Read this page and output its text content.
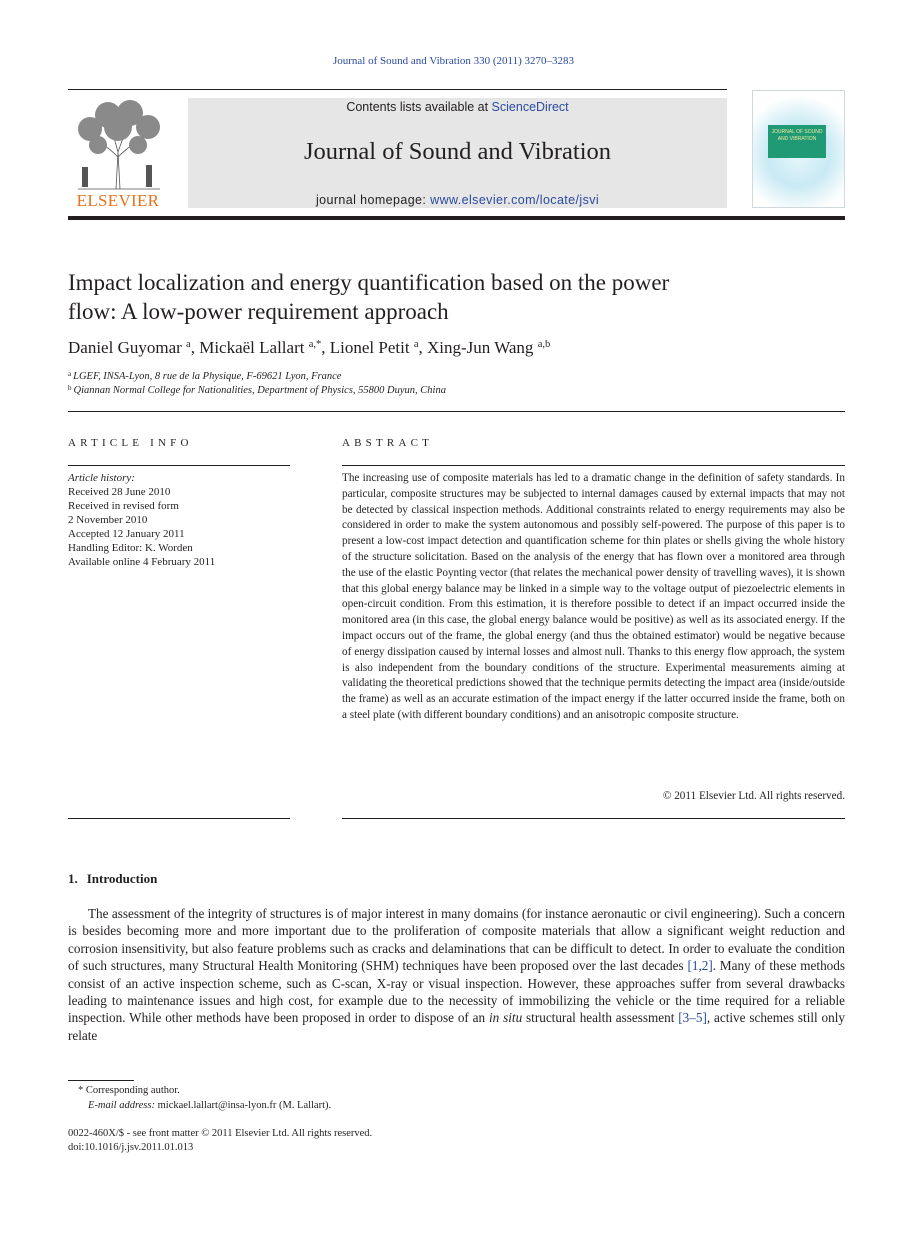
Journal of Sound and Vibration 330 (2011) 3270–3283
ELSEVIER
Contents lists available at ScienceDirect
Journal of Sound and Vibration
journal homepage: www.elsevier.com/locate/jsvi
JOURNAL OF SOUND AND VIBRATION
Impact localization and energy quantification based on the power
flow: A low-power requirement approach
Daniel Guyomar $^a$, Mickaël Lallart $^{a,*}$, Lionel Petit $^a$, Xing-Jun Wang $^{a,b}$
$^a$ LGEF, INSA-Lyon, 8 rue de la Physique, F-69621 Lyon, France
$^b$ Qiannan Normal College for Nationalities, Department of Physics, 55800 Duyun, China
ARTICLE INFO
Article history:
Received 28 June 2010
Received in revised form
2 November 2010
Accepted 12 January 2011
Handling Editor: K. Worden
Available online 4 February 2011
ABSTRACT
The increasing use of composite materials has led to a dramatic change in the definition of safety standards. In particular, composite structures may be subjected to internal damages caused by external impacts that may not be detected by classical inspection methods. Additional constraints related to energy requirements may also be considered in order to make the system autonomous and possibly self-powered. The purpose of this paper is to present a low-cost impact detection and quantification scheme for thin plates or shells giving the whole history of the structure solicitation. Based on the analysis of the energy that has flown over a monitored area through the use of the elastic Poynting vector (that relates the mechanical power density of travelling waves), it is shown that this global energy balance may be linked in a simple way to the voltage output of piezoelectric elements in open-circuit condition. From this estimation, it is therefore possible to detect if an impact occurred inside the monitored area (in this case, the global energy balance would be positive) as well as its associated energy. If the impact occurs out of the frame, the global energy (and thus the obtained estimator) would be negative because of energy dissipation caused by internal losses and almost null. Thanks to this energy flow approach, the system is also independent from the boundary conditions of the structure. Experimental measurements aiming at validating the theoretical predictions showed that the technique permits detecting the impact area (inside/outside the frame) as well as an accurate estimation of the impact energy if the latter occurred inside the frame, both on a steel plate (with different boundary conditions) and an anisotropic composite structure.
© 2011 Elsevier Ltd. All rights reserved.
1. Introduction
The assessment of the integrity of structures is of major interest in many domains (for instance aeronautic or civil engineering). Such a concern is besides becoming more and more important due to the proliferation of composite materials that allow a significant weight reduction and corrosion insensitivity, but also feature problems such as cracks and delaminations that can be difficult to detect. In order to evaluate the condition of such structures, many Structural Health Monitoring (SHM) techniques have been proposed over the last decades [1,2]. Many of these methods consist of an active inspection scheme, such as C-scan, X-ray or visual inspection. However, these approaches suffer from several drawbacks leading to maintenance issues and high cost, for example due to the necessity of immobilizing the vehicle or the time required for a reliable inspection. While other methods have been proposed in order to dispose of an in situ structural health assessment [3–5], active schemes still only relate
* Corresponding author.
E-mail address: mickael.lallart@insa-lyon.fr (M. Lallart).
0022-460X/$ - see front matter © 2011 Elsevier Ltd. All rights reserved.
doi:10.1016/j.jsv.2011.01.013
